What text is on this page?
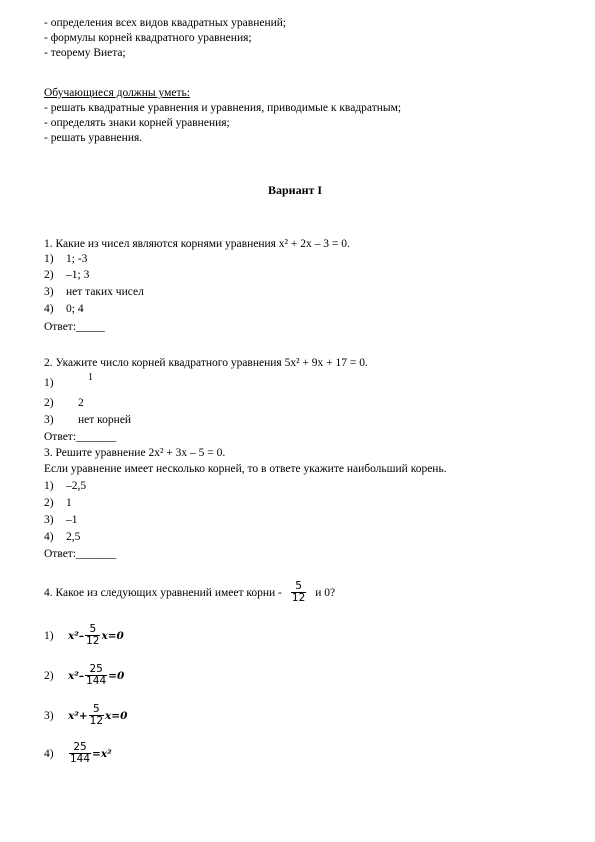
- определения всех видов квадратных уравнений;
- формулы корней квадратного уравнения;
- теорему Виета;
Обучающиеся должны уметь:
- решать квадратные уравнения и уравнения, приводимые к квадратным;
- определять знаки корней уравнения;
- решать уравнения.
Вариант I
1. Какие из чисел являются корнями уравнения x² + 2x – 3 = 0.
1) 1; -3
2) –1; 3
3) нет таких чисел
4) 0; 4
Ответ:_____
2. Укажите число корней квадратного уравнения 5x² + 9x + 17 = 0.
1)	1
2) 2
3) нет корней
Ответ:_______
3. Решите уравнение 2x² + 3x – 5 = 0.
Если уравнение имеет несколько корней, то в ответе укажите наибольший корень.
1) –2,5
2) 1
3) –1
4) 2,5
Ответ:_______
4. Какое из следующих уравнений имеет корни - $\frac{5}{12}$ и 0?
1)	$x^2- \frac{5}{12} x=0$
2)	$x^2- \frac{25}{144} =0$
3)	$x^2+ \frac{5}{12} x=0$
4)	$\frac{25}{144} =x^2$
